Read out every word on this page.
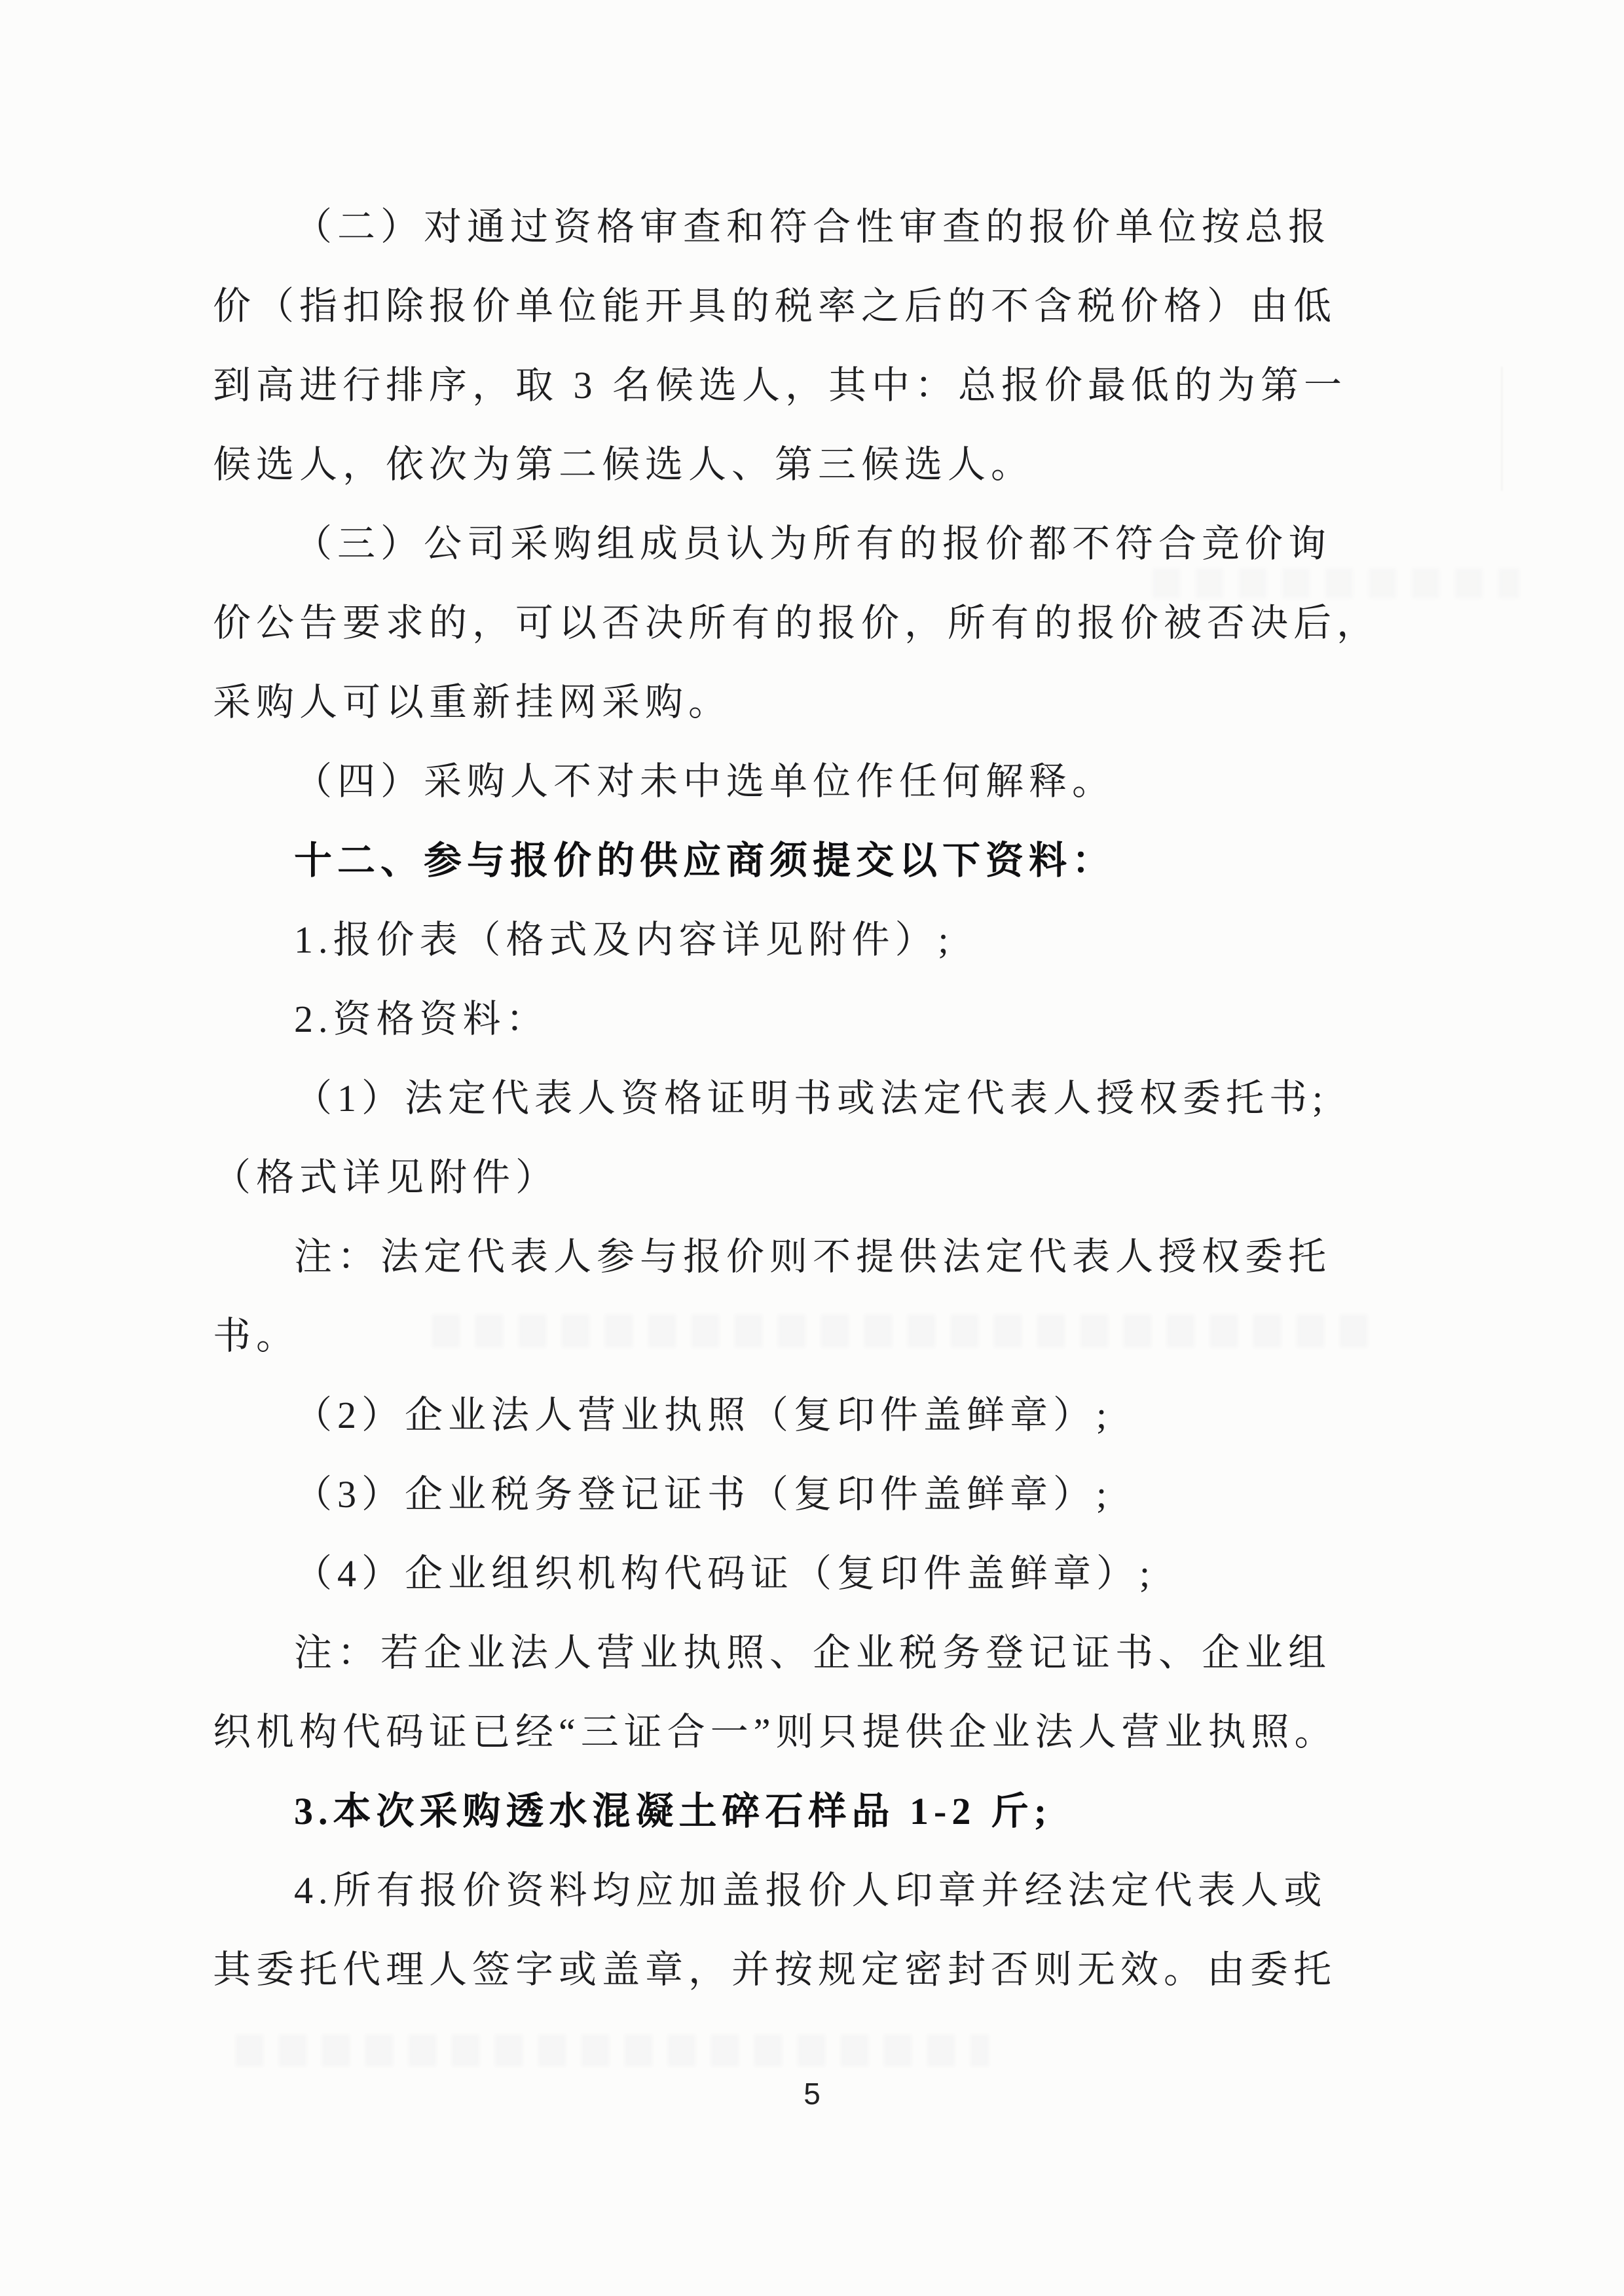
（二）对通过资格审查和符合性审查的报价单位按总报
价（指扣除报价单位能开具的税率之后的不含税价格）由低
到高进行排序，取 3 名候选人，其中：总报价最低的为第一
候选人，依次为第二候选人、第三候选人。
（三）公司采购组成员认为所有的报价都不符合竞价询
价公告要求的，可以否决所有的报价，所有的报价被否决后，
采购人可以重新挂网采购。
（四）采购人不对未中选单位作任何解释。
十二、参与报价的供应商须提交以下资料：
1.报价表（格式及内容详见附件）;
2.资格资料：
（1）法定代表人资格证明书或法定代表人授权委托书;
（格式详见附件）
注：法定代表人参与报价则不提供法定代表人授权委托
书。
（2）企业法人营业执照（复印件盖鲜章）;
（3）企业税务登记证书（复印件盖鲜章）;
（4）企业组织机构代码证（复印件盖鲜章）;
注：若企业法人营业执照、企业税务登记证书、企业组
织机构代码证已经“三证合一”则只提供企业法人营业执照。
3.本次采购透水混凝土碎石样品 1-2 斤;
4.所有报价资料均应加盖报价人印章并经法定代表人或
其委托代理人签字或盖章，并按规定密封否则无效。由委托
5
